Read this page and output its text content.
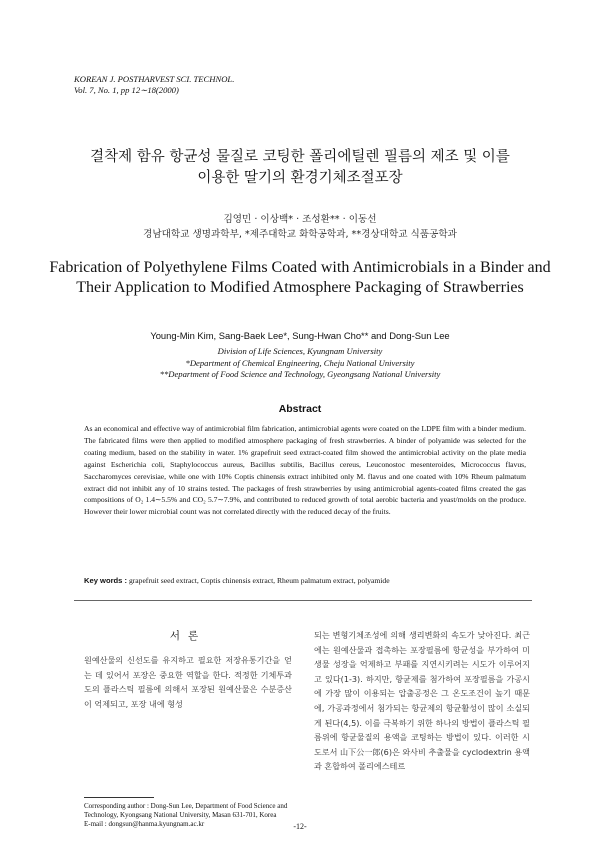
KOREAN J. POSTHARVEST SCI. TECHNOL.
Vol. 7, No. 1, pp 12∼18(2000)
결착제 함유 항균성 물질로 코팅한 폴리에틸렌 필름의 제조 및 이를
이용한 딸기의 환경기체조절포장
김영민 · 이상백* · 조성환** · 이동선
경남대학교 생명과학부, *제주대학교 화학공학과, **경상대학교 식품공학과
Fabrication of Polyethylene Films Coated with Antimicrobials in a Binder and Their Application to Modified Atmosphere Packaging of Strawberries
Young-Min Kim, Sang-Baek Lee*, Sung-Hwan Cho** and Dong-Sun Lee
Division of Life Sciences, Kyungnam University
*Department of Chemical Engineering, Cheju National University
**Department of Food Science and Technology, Gyeongsang National University
Abstract
As an economical and effective way of antimicrobial film fabrication, antimicrobial agents were coated on the LDPE film with a binder medium. The fabricated films were then applied to modified atmosphere packaging of fresh strawberries. A binder of polyamide was selected for the coating medium, based on the stability in water. 1% grapefruit seed extract-coated film showed the antimicrobial activity on the plate media against Escherichia coli, Staphylococcus aureus, Bacillus subtilis, Bacillus cereus, Leuconostoc mesenteroides, Micrococcus flavus, Saccharomyces cerevisiae, while one with 10% Coptis chinensis extract inhibited only M. flavus and one coated with 10% Rheum palmatum extract did not inhibit any of 10 strains tested. The packages of fresh strawberries by using antimicrobial agents-coated films created the gas compositions of O₂ 1.4∼5.5% and CO₂ 5.7∼7.9%, and contributed to reduced growth of total aerobic bacteria and yeast/molds on the produce. However their lower microbial count was not correlated directly with the reduced decay of the fruits.
Key words : grapefruit seed extract, Coptis chinensis extract, Rheum palmatum extract, polyamide
서론

원예산물의 신선도를 유지하고 필요한 저장유통기간을 얻는 데 있어서 포장은 중요한 역할을 한다. 적정한 기체투과도의 플라스틱 필름에 의해서 포장된 원예산물은 수분증산이 억제되고, 포장 내에 형성

되는 변형기체조성에 의해 생리변화의 속도가 낮아진다. 최근에는 원예산물과 접촉하는 포장필름에 항균성을 부가하여 미생물 성장을 억제하고 부패를 지연시키려는 시도가 이루어지고 있다(1-3). 하지만, 항균제를 첨가하여 포장필름을 가공시에 가장 많이 이용되는 압출공정은 그 온도조건이 높기 때문에, 가공과정에서 첨가되는 항균제의 항균활성이 많이 소실되게 된다(4,5). 이를 극복하기 위한 하나의 방법이 플라스틱 필름위에 항균물질의 용액을 코팅하는 방법이 있다. 이러한 시도로서 山下公一郎(6)은 와사비 추출물을 cyclodextrin 용액과 혼합하여 폴리에스테르

Corresponding author : Dong-Sun Lee, Department of Food Science and Technology, Kyongsang National University, Masan 631-701, Korea
E-mail : dongsun@hanma.kyungnam.ac.kr	-12-
